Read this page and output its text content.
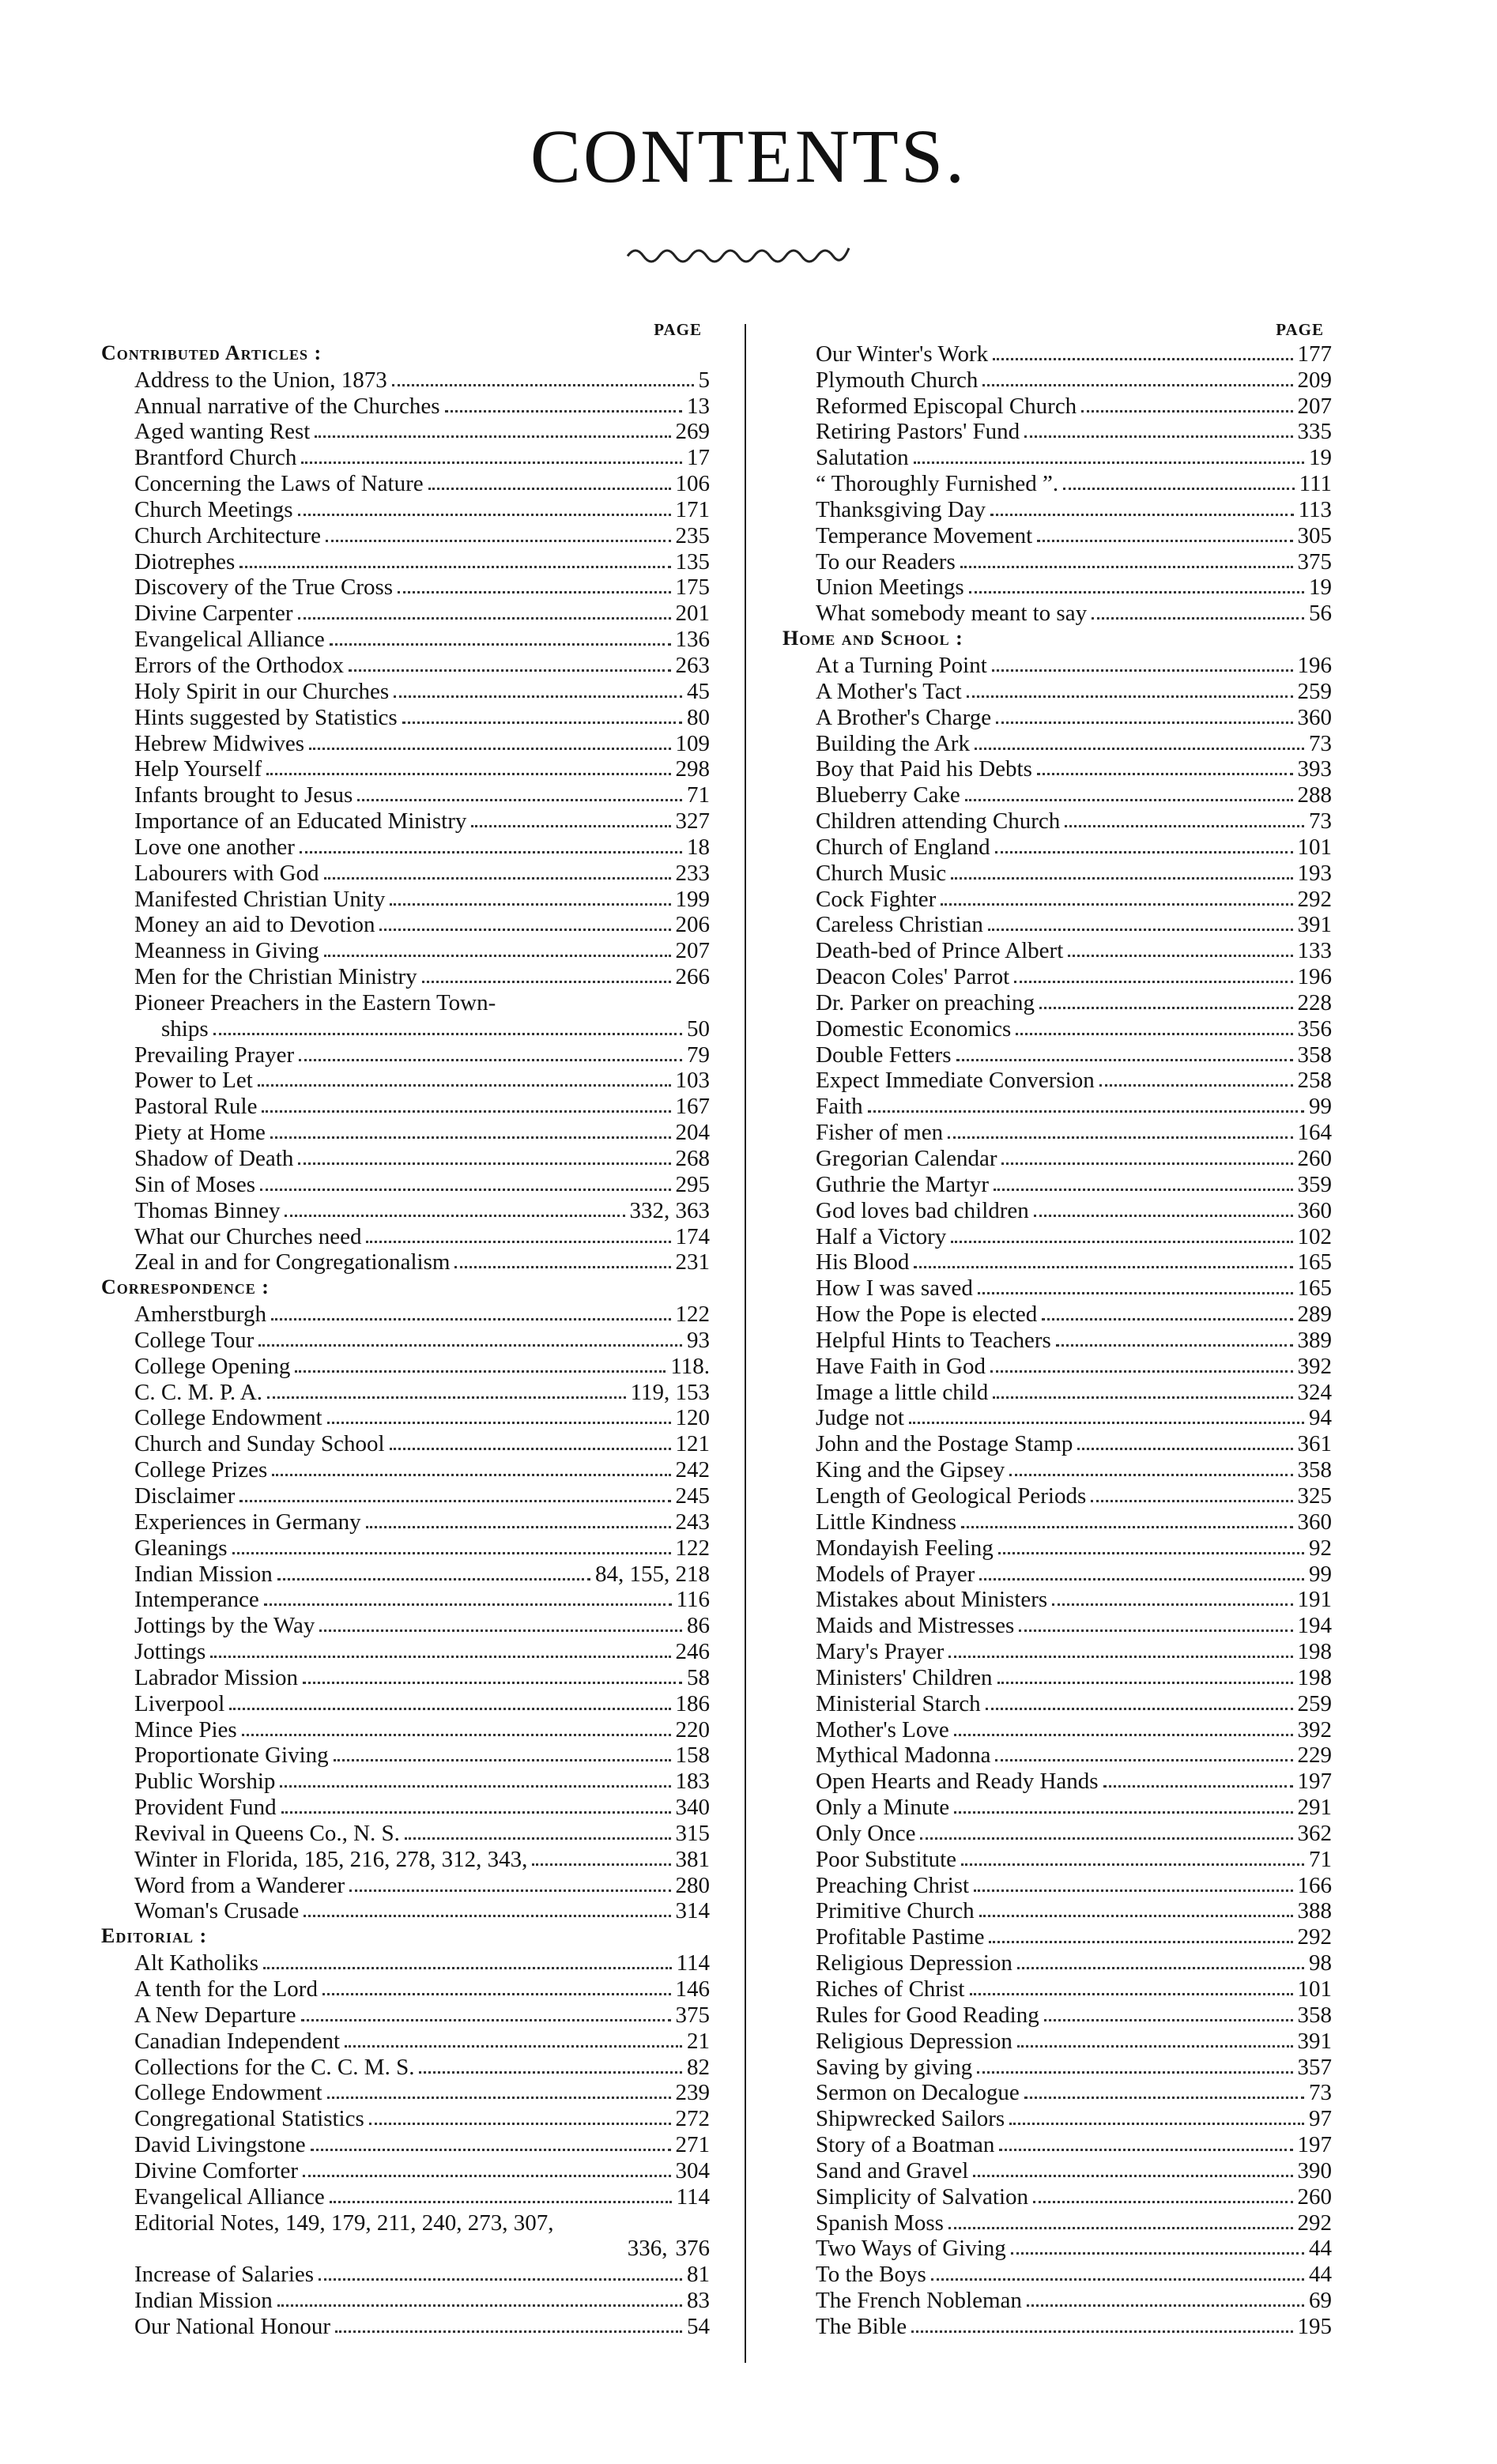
CONTENTS.
PAGE
Contributed Articles :
Address to the Union, 1873	5
Annual narrative of the Churches	13
Aged wanting Rest	269
Brantford Church	17
Concerning the Laws of Nature	106
Church Meetings	171
Church Architecture	235
Diotrephes	135
Discovery of the True Cross	175
Divine Carpenter	201
Evangelical Alliance	136
Errors of the Orthodox	263
Holy Spirit in our Churches	45
Hints suggested by Statistics	80
Hebrew Midwives	109
Help Yourself	298
Infants brought to Jesus	71
Importance of an Educated Ministry	327
Love one another	18
Labourers with God	233
Manifested Christian Unity	199
Money an aid to Devotion	206
Meanness in Giving	207
Men for the Christian Ministry	266
Pioneer Preachers in the Eastern Town-
ships	50
Prevailing Prayer	79
Power to Let	103
Pastoral Rule	167
Piety at Home	204
Shadow of Death	268
Sin of Moses	295
Thomas Binney	332, 363
What our Churches need	174
Zeal in and for Congregationalism	231
Correspondence :
Amherstburgh	122
College Tour	93
College Opening	118.
C. C. M. P. A.	119, 153
College Endowment	120
Church and Sunday School	121
College Prizes	242
Disclaimer	245
Experiences in Germany	243
Gleanings	122
Indian Mission	84, 155, 218
Intemperance	116
Jottings by the Way	86
Jottings	246
Labrador Mission	58
Liverpool	186
Mince Pies	220
Proportionate Giving	158
Public Worship	183
Provident Fund	340
Revival in Queens Co., N. S.	315
Winter in Florida, 185, 216, 278, 312, 343,	381
Word from a Wanderer	280
Woman's Crusade	314
Editorial :
Alt Katholiks	114
A tenth for the Lord	146
A New Departure	375
Canadian Independent	21
Collections for the C. C. M. S.	82
College Endowment	239
Congregational Statistics	272
David Livingstone	271
Divine Comforter	304
Evangelical Alliance	114
Editorial Notes, 149, 179, 211, 240, 273, 307,
336, 376
Increase of Salaries	81
Indian Mission	83
Our National Honour	54
PAGE
Our Winter's Work	177
Plymouth Church	209
Reformed Episcopal Church	207
Retiring Pastors' Fund	335
Salutation	19
“ Thoroughly Furnished ”.	111
Thanksgiving Day	113
Temperance Movement	305
To our Readers	375
Union Meetings	19
What somebody meant to say	56
Home and School :
At a Turning Point	196
A Mother's Tact	259
A Brother's Charge	360
Building the Ark	73
Boy that Paid his Debts	393
Blueberry Cake	288
Children attending Church	73
Church of England	101
Church Music	193
Cock Fighter	292
Careless Christian	391
Death-bed of Prince Albert	133
Deacon Coles' Parrot	196
Dr. Parker on preaching	228
Domestic Economics	356
Double Fetters	358
Expect Immediate Conversion	258
Faith	99
Fisher of men	164
Gregorian Calendar	260
Guthrie the Martyr	359
God loves bad children	360
Half a Victory	102
His Blood	165
How I was saved	165
How the Pope is elected	289
Helpful Hints to Teachers	389
Have Faith in God	392
Image a little child	324
Judge not	94
John and the Postage Stamp	361
King and the Gipsey	358
Length of Geological Periods	325
Little Kindness	360
Mondayish Feeling	92
Models of Prayer	99
Mistakes about Ministers	191
Maids and Mistresses	194
Mary's Prayer	198
Ministers' Children	198
Ministerial Starch	259
Mother's Love	392
Mythical Madonna	229
Open Hearts and Ready Hands	197
Only a Minute	291
Only Once	362
Poor Substitute	71
Preaching Christ	166
Primitive Church	388
Profitable Pastime	292
Religious Depression	98
Riches of Christ	101
Rules for Good Reading	358
Religious Depression	391
Saving by giving	357
Sermon on Decalogue	73
Shipwrecked Sailors	97
Story of a Boatman	197
Sand and Gravel	390
Simplicity of Salvation	260
Spanish Moss	292
Two Ways of Giving	44
To the Boys	44
The French Nobleman	69
The Bible	195
